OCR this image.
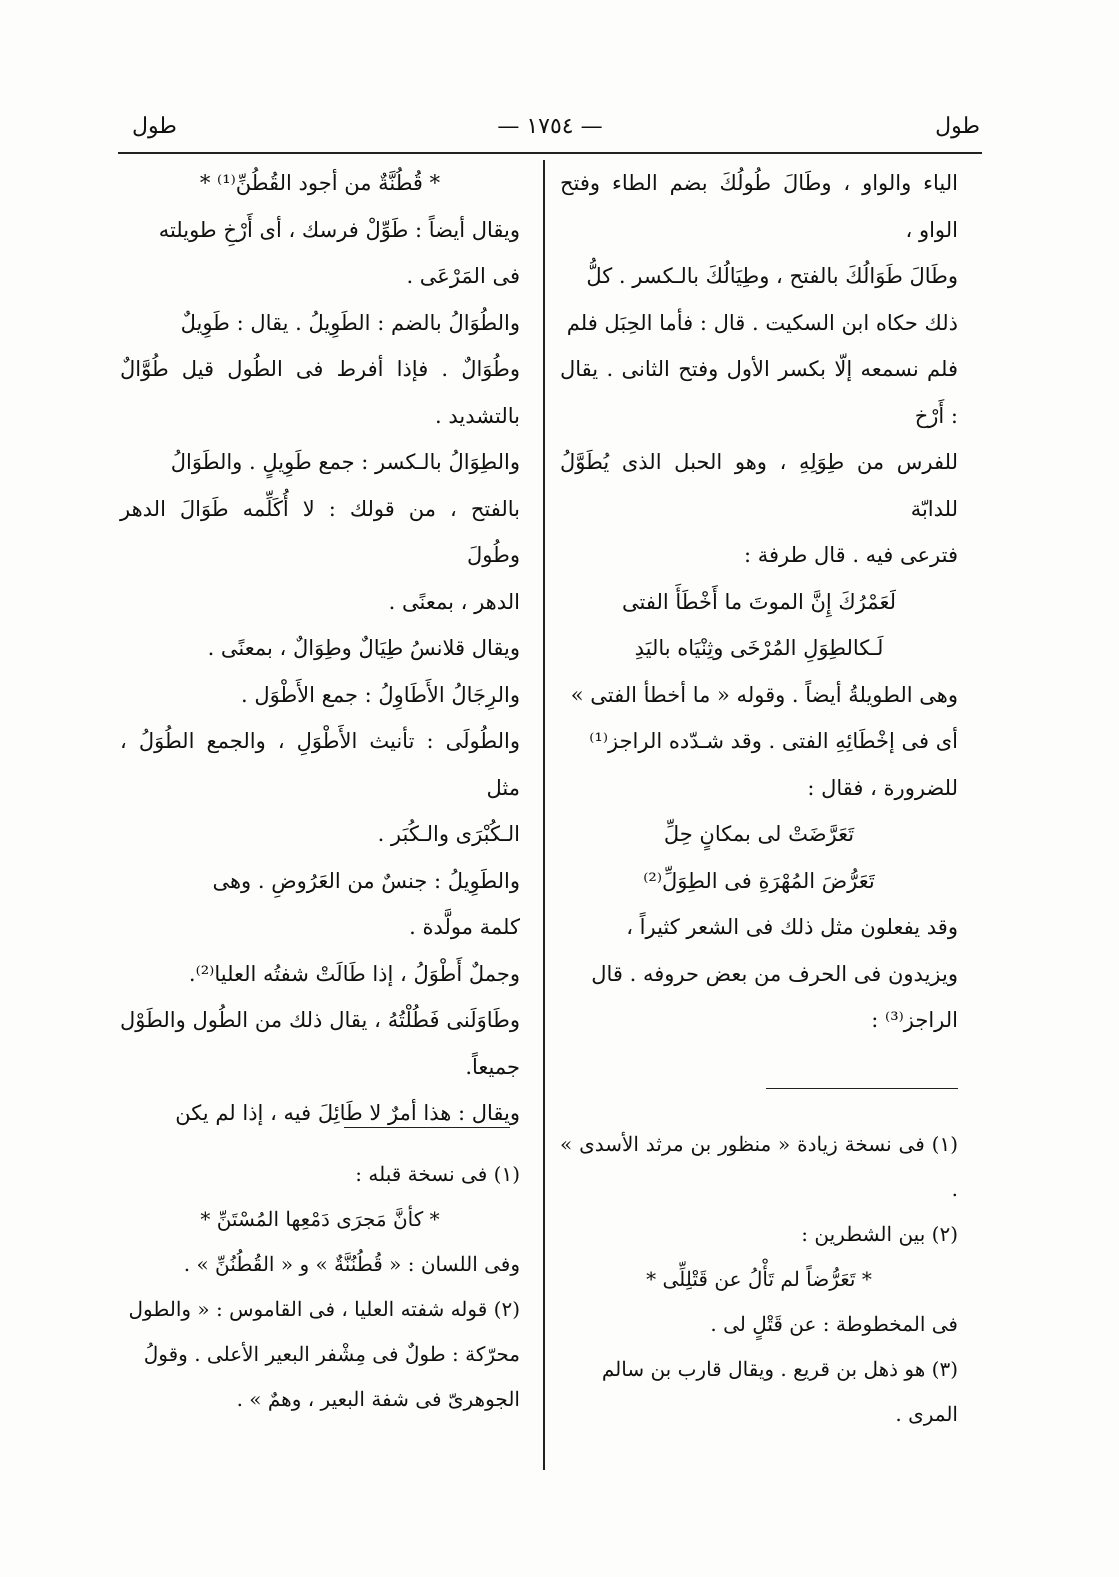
طول
— ١٧٥٤ —
طول

الياء والواو ، وطَالَ طُولُكَ بضم الطاء وفتح الواو ،

وطَالَ طَوَالُكَ بالفتح ، وطِيَالُكَ بالـكسر . كلُّ

ذلك حكاه ابن السكيت . قال : فأما الحِبَل فلم

فلم نسمعه إلّا بكسر الأول وفتح الثانى . يقال : أَرْخ

للفرس من طِوَلِهِ ، وهو الحبل الذى يُطَوَّلُ للدابّة

فترعى فيه . قال طرفة :

لَعَمْرُكَ إِنَّ الموتَ ما أَخْطَأَ الفتى

لَـكالطِوَلِ المُرْخَى وثِنْيَاه باليَدِ

وهى الطويلةُ أيضاً . وقوله « ما أخطأ الفتى »

أى فى إخْطَائِهِ الفتى . وقد شـدّده الراجز⁽¹⁾

للضرورة ، فقال :

تَعَرَّضَتْ لى بمكانٍ حِلِّ

تَعَرُّضَ المُهْرَةِ فى الطِوَلِّ⁽²⁾

وقد يفعلون مثل ذلك فى الشعر كثيراً ،

ويزيدون فى الحرف من بعض حروفه . قال

الراجز⁽³⁾ :

* قُطُنَّةٌ من أجود القُطُنِّ⁽¹⁾ *

ويقال أيضاً : طَوِّلْ فرسك ، أى أَرْخِ طويلته

فى المَرْعَى .

والطُوَالُ بالضم : الطَوِيلُ . يقال : طَوِيلٌ

وطُوَالٌ . فإذا أفرط فى الطُول قيل طُوَّالٌ بالتشديد .

والطِوَالُ بالـكسر : جمع طَوِيلٍ . والطَوَالُ

بالفتح ، من قولك : لا أُكَلِّمه طَوَالَ الدهر وطُولَ

الدهر ، بمعنًى .

ويقال قلانسُ طِيَالٌ وطِوَالٌ ، بمعنًى .

والرِجَالُ الأَطَاوِلُ : جمع الأَطْوَل .

والطُولَى : تأنيث الأَطْوَلِ ، والجمع الطُوَلُ ، مثل

الـكُبْرَى والـكُبَر .

والطَوِيلُ : جنسٌ من العَرُوضِ . وهى

كلمة مولَّدة .

وجملٌ أَطْوَلُ ، إذا طَالَتْ شفتُه العليا⁽²⁾.

وطَاوَلَنى فَطُلْتُهُ ، يقال ذلك من الطُول والطَوْل جميعاً.

ويقال : هذا أمرٌ لا طَائِلَ فيه ، إذا لم يكن

(١) فى نسخة زيادة « منظور بن مرثد الأسدى » .

(٢) بين الشطرين :

* تَعَرُّضاً لم تَأْلُ عن قَتْلِلِّى *

فى المخطوطة : عن قَتْلٍ لى .

(٣) هو ذهل بن قريع . ويقال قارب بن سالم

المرى .

(١) فى نسخة قبله :

* كأنَّ مَجرَى دَمْعِها المُسْتَنِّ *

وفى اللسان : « قُطُنُنَّةٌ » و « القُطُنُنِّ » .

(٢) قوله شفته العليا ، فى القاموس : « والطول

محرّكة : طولٌ فى مِشْفر البعير الأعلى . وقولُ

الجوهرىّ فى شفة البعير ، وهمٌ » .
